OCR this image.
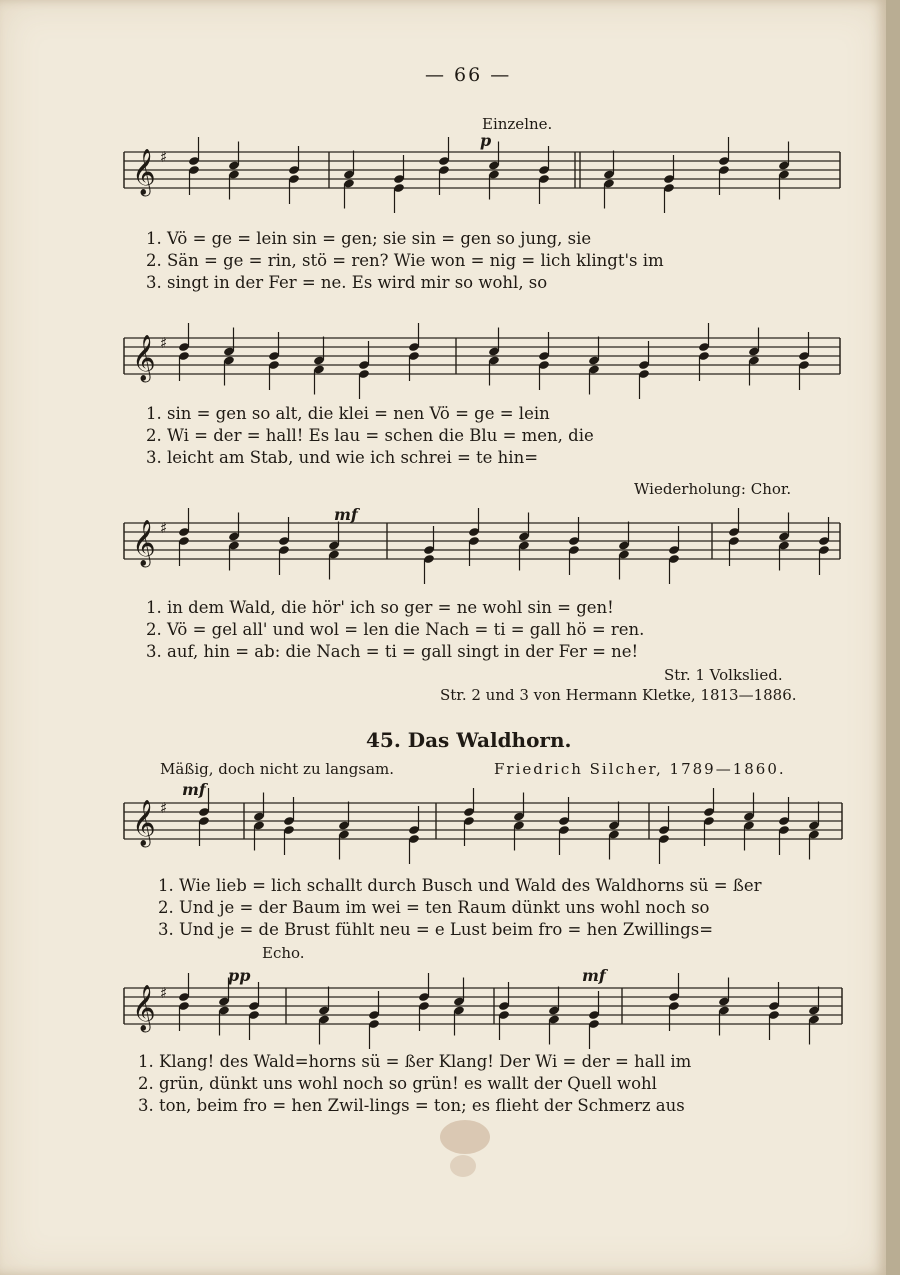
— 66 —
Einzelne.
p
𝄞 ♯
1. Vö = ge = lein sin = gen; sie sin = gen so jung, sie
2. Sän = ge = rin, stö = ren? Wie won = nig = lich klingt's im
3. singt in der Fer = ne. Es wird mir so wohl, so
𝄞 ♯
1. sin = gen so alt, die klei = nen Vö = ge = lein
2. Wi = der = hall! Es lau = schen die Blu = men, die
3. leicht am Stab, und wie ich schrei = te hin=
Wiederholung: Chor.
mf
𝄞 ♯
1. in dem Wald, die hör' ich so ger = ne wohl sin = gen!
2. Vö = gel all' und wol = len die Nach = ti = gall hö = ren.
3. auf, hin = ab: die Nach = ti = gall singt in der Fer = ne!
Str. 1 Volkslied.
Str. 2 und 3 von Hermann Kletke, 1813—1886.
45. Das Waldhorn.
Mäßig, doch nicht zu langsam.	Friedrich Silcher, 1789—1860.
mf
𝄞 ♯
1. Wie lieb = lich schallt durch Busch und Wald des Waldhorns sü = ßer
2. Und je = der Baum im wei = ten Raum dünkt uns wohl noch so
3. Und je = de Brust fühlt neu = e Lust beim fro = hen Zwillings=
Echo.
pp	mf
𝄞 ♯
1. Klang! des Wald=horns sü = ßer Klang! Der Wi = der = hall im
2. grün, dünkt uns wohl noch so grün! es wallt der Quell wohl
3. ton, beim fro = hen Zwil-lings = ton; es flieht der Schmerz aus
